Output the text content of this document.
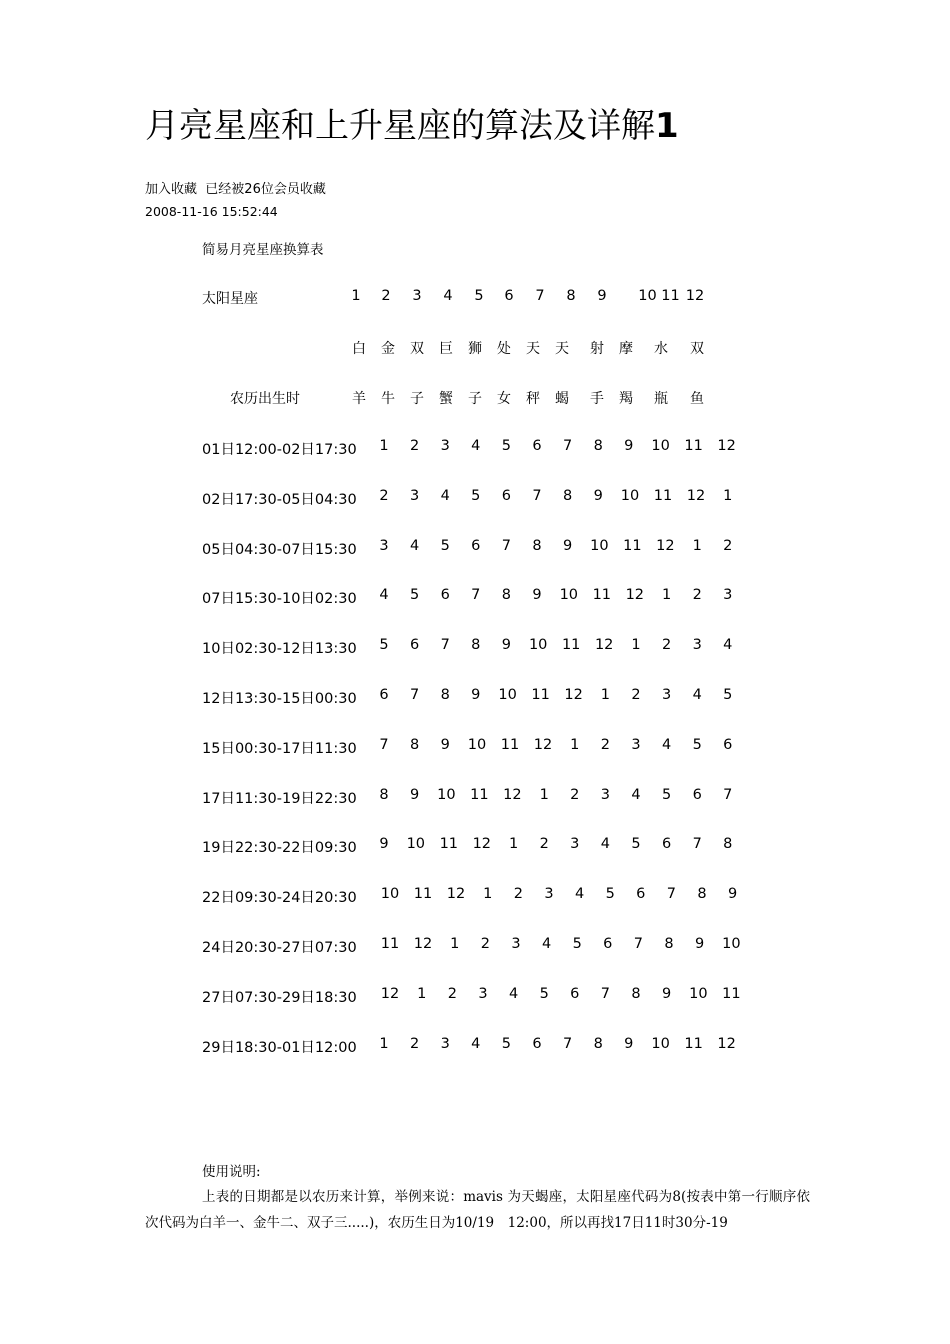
月亮星座和上升星座的算法及详解1
加入收藏 已经被26位会员收藏
2008-11-16 15:52:44
简易月亮星座换算表
太阳星座	1 2 3 4 5 6 7 8 9 10 11 12
白 金 双 巨 狮 处 天 天 射 摩 水 双
羊 牛 子 蟹 子 女 秤 蝎 手 羯 瓶 鱼
农历出生时
01日12:00-02日17:30 1 2 3 4 5 6 7 8 9 10 11 12
02日17:30-05日04:30 2 3 4 5 6 7 8 9 10 11 12 1
05日04:30-07日15:30 3 4 5 6 7 8 9 10 11 12 1 2
07日15:30-10日02:30 4 5 6 7 8 9 10 11 12 1 2 3
10日02:30-12日13:30 5 6 7 8 9 10 11 12 1 2 3 4
12日13:30-15日00:30 6 7 8 9 10 11 12 1 2 3 4 5
15日00:30-17日11:30 7 8 9 10 11 12 1 2 3 4 5 6
17日11:30-19日22:30 8 9 10 11 12 1 2 3 4 5 6 7
19日22:30-22日09:30 9 10 11 12 1 2 3 4 5 6 7 8
22日09:30-24日20:30 10 11 12 1 2 3 4 5 6 7 8 9
24日20:30-27日07:30 11 12 1 2 3 4 5 6 7 8 9 10
27日07:30-29日18:30 12 1 2 3 4 5 6 7 8 9 10 11
29日18:30-01日12:00 1 2 3 4 5 6 7 8 9 10 11 12
使用说明:
上表的日期都是以农历来计算，举例来说：mavis 为天蝎座，太阳星座代码为8(按表中第一行顺序依次代码为白羊一、金牛二、双子三.....)，农历生日为10/19　12:00，所以再找17日11时30分-19
